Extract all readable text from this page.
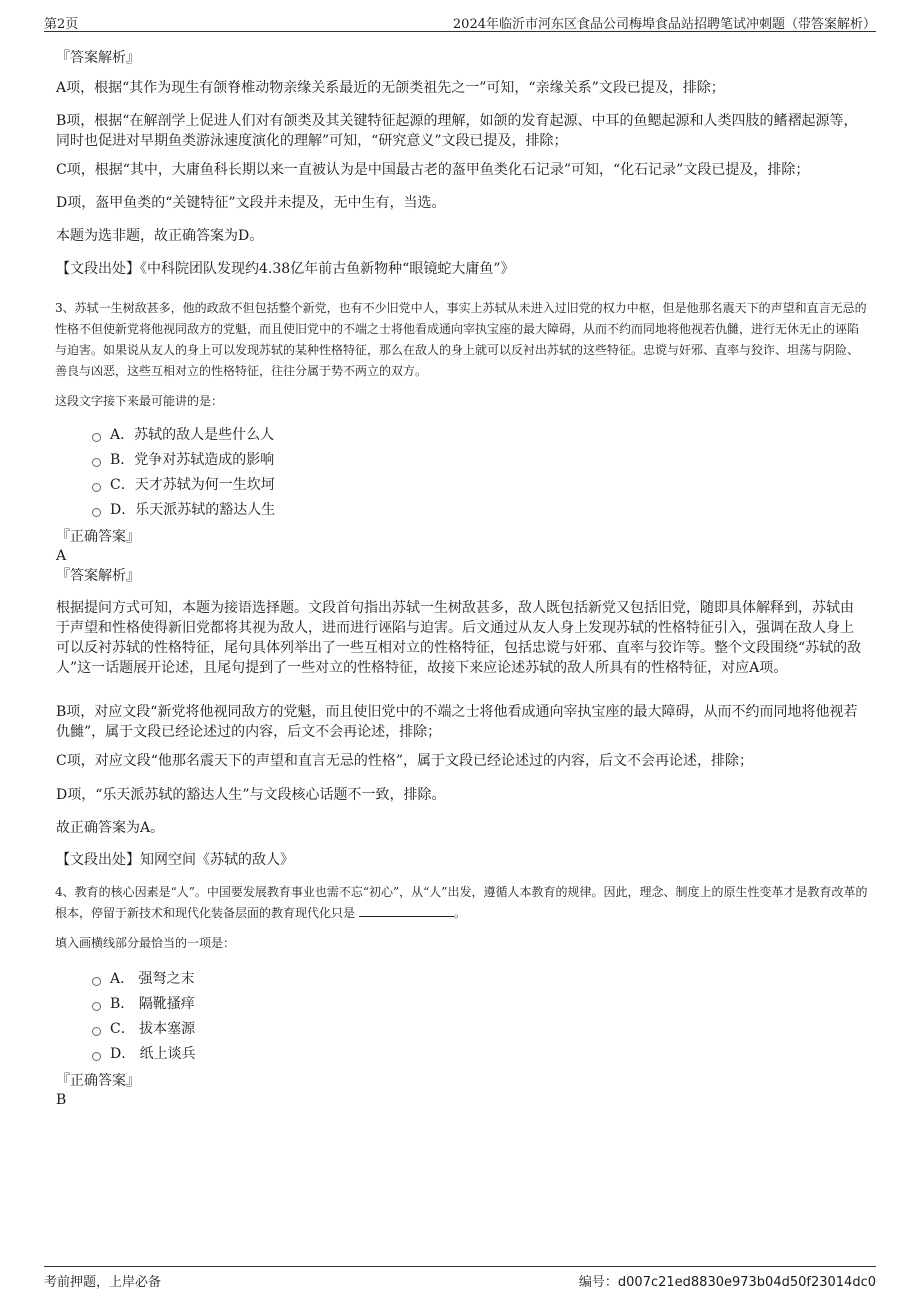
第2页	2024年临沂市河东区食品公司梅埠食品站招聘笔试冲刺题（带答案解析）

『答案解析』

A项，根据“其作为现生有颌脊椎动物亲缘关系最近的无颌类祖先之一”可知，“亲缘关系”文段已提及，排除；

B项，根据“在解剖学上促进人们对有颌类及其关键特征起源的理解，如颌的发育起源、中耳的鱼鳃起源和人类四肢的鳍褶起源等，同时也促进对早期鱼类游泳速度演化的理解”可知，“研究意义”文段已提及，排除；

C项，根据“其中，大庸鱼科长期以来一直被认为是中国最古老的盔甲鱼类化石记录”可知，“化石记录”文段已提及，排除；

D项，盔甲鱼类的“关键特征”文段并未提及，无中生有，当选。

本题为选非题，故正确答案为D。

【文段出处】《中科院团队发现约4.38亿年前古鱼新物种“眼镜蛇大庸鱼”》

3、苏轼一生树敌甚多，他的政敌不但包括整个新党，也有不少旧党中人，事实上苏轼从未进入过旧党的权力中枢，但是他那名震天下的声望和直言无忌的性格不但使新党将他视同敌方的党魁，而且使旧党中的不端之士将他看成通向宰执宝座的最大障碍，从而不约而同地将他视若仇雠，进行无休无止的诬陷与迫害。如果说从友人的身上可以发现苏轼的某种性格特征，那么在敌人的身上就可以反衬出苏轼的这些特征。忠谠与奸邪、直率与狡诈、坦荡与阴险、善良与凶恶，这些互相对立的性格特征，往往分属于势不两立的双方。

这段文字接下来最可能讲的是：

A．苏轼的敌人是些什么人
B．党争对苏轼造成的影响
C．天才苏轼为何一生坎坷
D．乐天派苏轼的豁达人生

『正确答案』

A

『答案解析』

根据提问方式可知，本题为接语选择题。文段首句指出苏轼一生树敌甚多，敌人既包括新党又包括旧党，随即具体解释到，苏轼由于声望和性格使得新旧党都将其视为敌人，进而进行诬陷与迫害。后文通过从友人身上发现苏轼的性格特征引入，强调在敌人身上可以反衬苏轼的性格特征，尾句具体列举出了一些互相对立的性格特征，包括忠谠与奸邪、直率与狡诈等。整个文段围绕“苏轼的敌人”这一话题展开论述，且尾句提到了一些对立的性格特征，故接下来应论述苏轼的敌人所具有的性格特征，对应A项。

B项，对应文段“新党将他视同敌方的党魁，而且使旧党中的不端之士将他看成通向宰执宝座的最大障碍，从而不约而同地将他视若仇雠”，属于文段已经论述过的内容，后文不会再论述，排除；

C项，对应文段“他那名震天下的声望和直言无忌的性格”，属于文段已经论述过的内容，后文不会再论述，排除；

D项，“乐天派苏轼的豁达人生”与文段核心话题不一致，排除。

故正确答案为A。

【文段出处】知网空间《苏轼的敌人》

4、教育的核心因素是“人”。中国要发展教育事业也需不忘“初心”，从“人”出发，遵循人本教育的规律。因此，理念、制度上的原生性变革才是教育改革的根本，停留于新技术和现代化装备层面的教育现代化只是	。

填入画横线部分最恰当的一项是：

A． 强弩之末
B． 隔靴搔痒
C． 拔本塞源
D． 纸上谈兵

『正确答案』

B

考前押题，上岸必备	编号：d007c21ed8830e973b04d50f23014dc0
